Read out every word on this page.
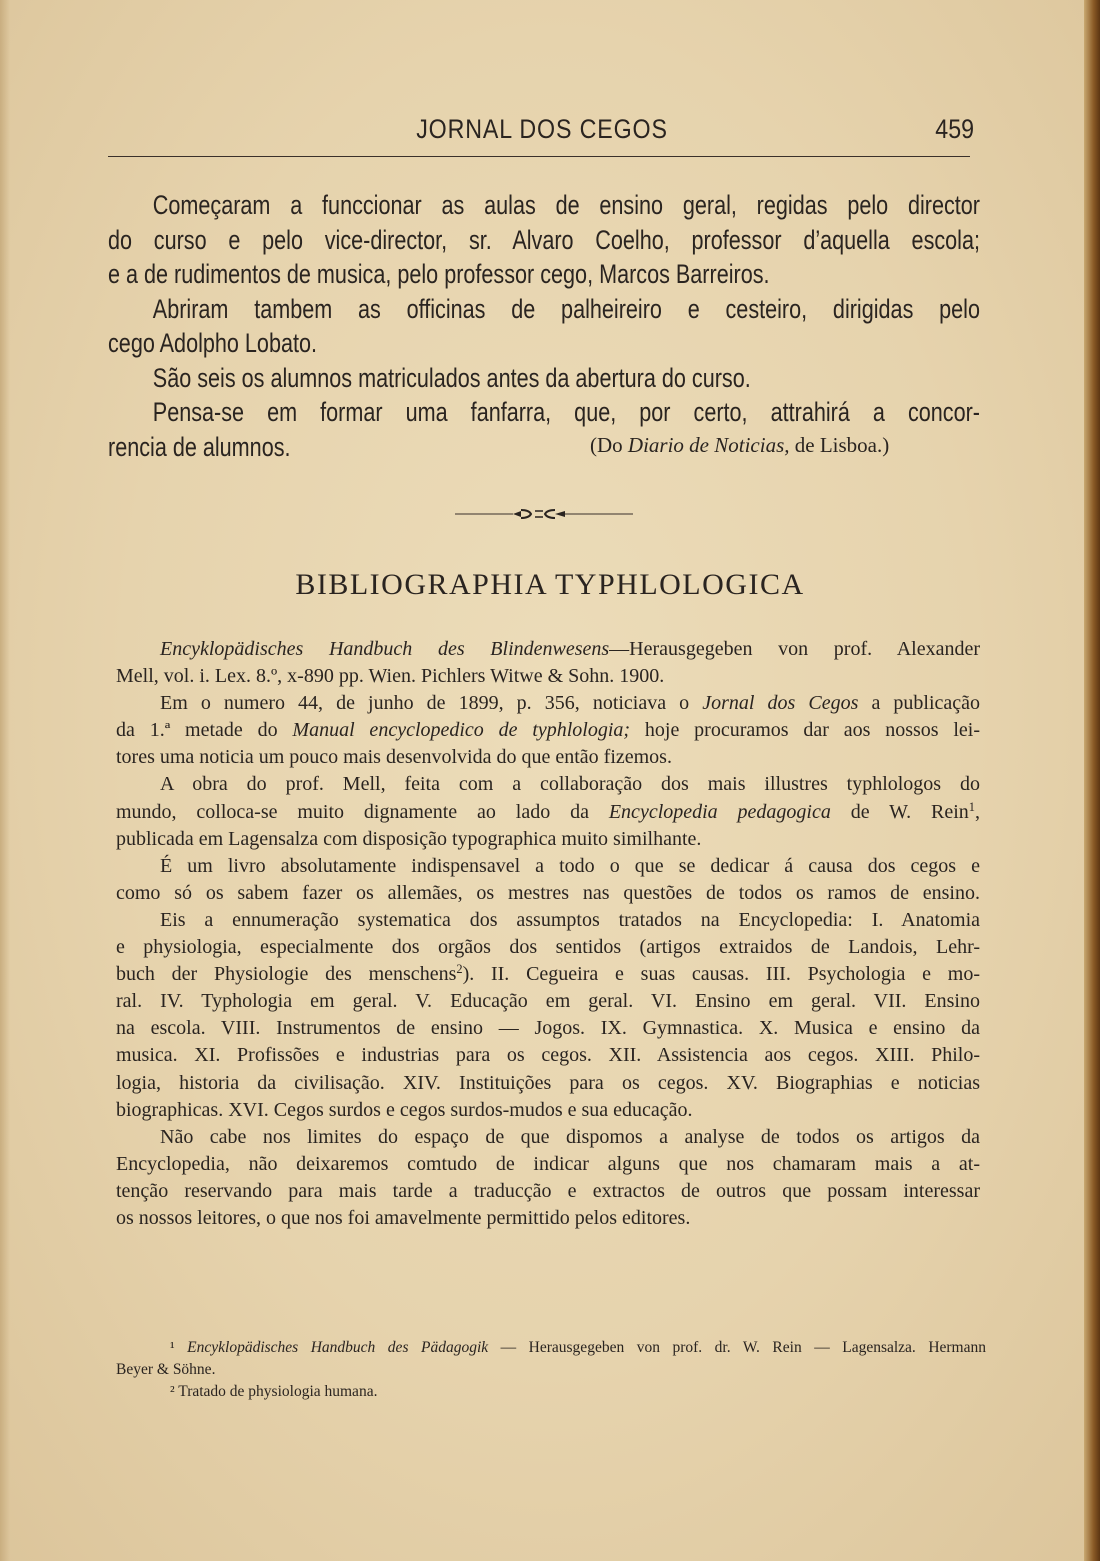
JORNAL DOS CEGOS	459
Começaram a funccionar as aulas de ensino geral, regidas pelo director
do curso e pelo vice-director, sr. Alvaro Coelho, professor d’aquella escola;
e a de rudimentos de musica, pelo professor cego, Marcos Barreiros.
Abriram tambem as officinas de palheireiro e cesteiro, dirigidas pelo
cego Adolpho Lobato.
São seis os alumnos matriculados antes da abertura do curso.
Pensa-se em formar uma fanfarra, que, por certo, attrahirá a concor-
rencia de alumnos.	(Do Diario de Noticias, de Lisboa.)
BIBLIOGRAPHIA TYPHLOLOGICA
Encyklopädisches Handbuch des Blindenwesens—Herausgegeben von prof. Alexander
Mell, vol. i. Lex. 8.º, x-890 pp. Wien. Pichlers Witwe & Sohn. 1900.
Em o numero 44, de junho de 1899, p. 356, noticiava o Jornal dos Cegos a publicação
da 1.ª metade do Manual encyclopedico de typhlologia; hoje procuramos dar aos nossos lei-
tores uma noticia um pouco mais desenvolvida do que então fizemos.
A obra do prof. Mell, feita com a collaboração dos mais illustres typhlologos do
mundo, colloca-se muito dignamente ao lado da Encyclopedia pedagogica de W. Rein$^1$,
publicada em Lagensalza com disposição typographica muito similhante.
É um livro absolutamente indispensavel a todo o que se dedicar á causa dos cegos e
como só os sabem fazer os allemães, os mestres nas questões de todos os ramos de ensino.
Eis a ennumeração systematica dos assumptos tratados na Encyclopedia: I. Anatomia
e physiologia, especialmente dos orgãos dos sentidos (artigos extraidos de Landois, Lehr-
buch der Physiologie des menschens$^2$). II. Cegueira e suas causas. III. Psychologia e mo-
ral. IV. Typhologia em geral. V. Educação em geral. VI. Ensino em geral. VII. Ensino
na escola. VIII. Instrumentos de ensino — Jogos. IX. Gymnastica. X. Musica e ensino da
musica. XI. Profissões e industrias para os cegos. XII. Assistencia aos cegos. XIII. Philo-
logia, historia da civilisação. XIV. Instituições para os cegos. XV. Biographias e noticias
biographicas. XVI. Cegos surdos e cegos surdos-mudos e sua educação.
Não cabe nos limites do espaço de que dispomos a analyse de todos os artigos da
Encyclopedia, não deixaremos comtudo de indicar alguns que nos chamaram mais a at-
tenção reservando para mais tarde a traducção e extractos de outros que possam interessar
os nossos leitores, o que nos foi amavelmente permittido pelos editores.
¹ Encyklopädisches Handbuch des Pädagogik — Herausgegeben von prof. dr. W. Rein — Lagensalza. Hermann
Beyer & Söhne.
² Tratado de physiologia humana.
